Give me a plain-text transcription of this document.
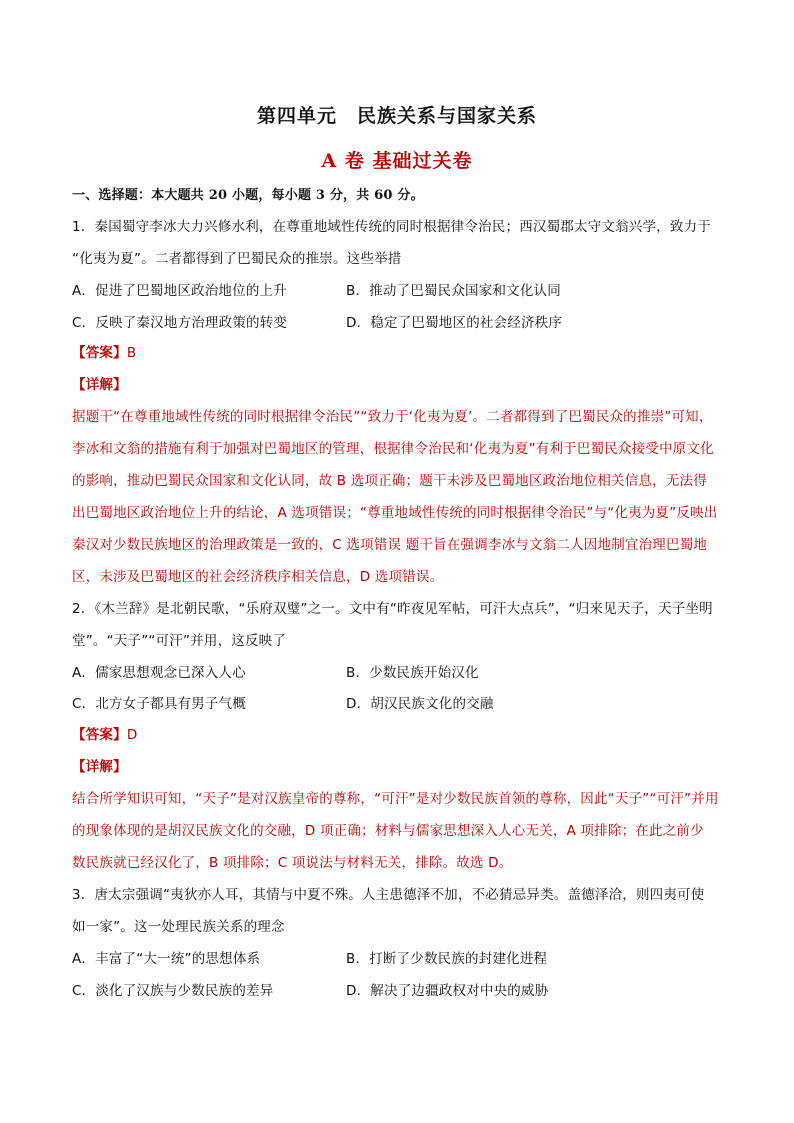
第四单元　民族关系与国家关系
A 卷 基础过关卷
一、选择题：本大题共 20 小题，每小题 3 分，共 60 分。
1．秦国蜀守李冰大力兴修水利，在尊重地域性传统的同时根据律令治民；西汉蜀郡太守文翁兴学，致力于
“化夷为夏”。二者都得到了巴蜀民众的推崇。这些举措
A．促进了巴蜀地区政治地位的上升	B．推动了巴蜀民众国家和文化认同
C．反映了秦汉地方治理政策的转变	D．稳定了巴蜀地区的社会经济秩序
【答案】B
【详解】
据题干“在尊重地域性传统的同时根据律令治民”“致力于‘化夷为夏’。二者都得到了巴蜀民众的推崇”可知，
李冰和文翁的措施有利于加强对巴蜀地区的管理，根据律令治民和‘化夷为夏”有利于巴蜀民众接受中原文化
的影响，推动巴蜀民众国家和文化认同，故 B 选项正确；题干未涉及巴蜀地区政治地位相关信息，无法得
出巴蜀地区政治地位上升的结论，A 选项错误；“尊重地域性传统的同时根据律令治民”与“化夷为夏”反映出
秦汉对少数民族地区的治理政策是一致的，C 选项错误 题干旨在强调李冰与文翁二人因地制宜治理巴蜀地
区，未涉及巴蜀地区的社会经济秩序相关信息，D 选项错误。
2．《木兰辞》是北朝民歌，“乐府双璧”之一。文中有“昨夜见军帖，可汗大点兵”，“归来见天子，天子坐明
堂”。“天子”“可汗”并用，这反映了
A．儒家思想观念已深入人心	B．少数民族开始汉化
C．北方女子都具有男子气概	D．胡汉民族文化的交融
【答案】D
【详解】
结合所学知识可知，“天子”是对汉族皇帝的尊称，“可汗”是对少数民族首领的尊称，因此“天子”“可汗”并用
的现象体现的是胡汉民族文化的交融，D 项正确；材料与儒家思想深入人心无关，A 项排除；在此之前少
数民族就已经汉化了，B 项排除；C 项说法与材料无关，排除。故选 D。
3．唐太宗强调“夷狄亦人耳，其情与中夏不殊。人主患德泽不加，不必猜忌异类。盖德泽洽，则四夷可使
如一家”。这一处理民族关系的理念
A．丰富了“大一统”的思想体系	B．打断了少数民族的封建化进程
C．淡化了汉族与少数民族的差异	D．解决了边疆政权对中央的威胁
